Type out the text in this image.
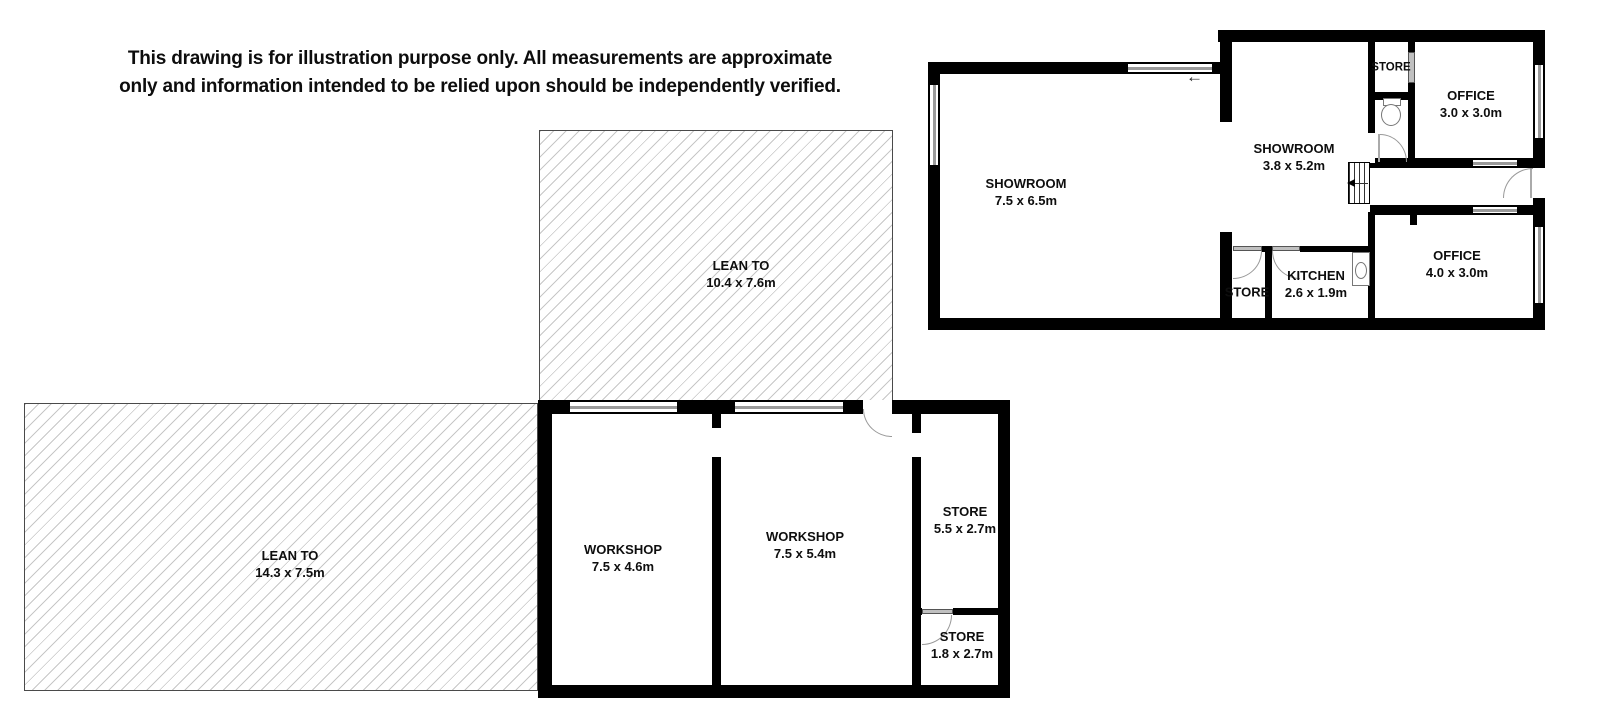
This drawing is for illustration purpose only. All measurements are approximate
only and information intended to be relied upon should be independently verified.	←
SHOWROOM
7.5 x 6.5m
SHOWROOM
3.8 x 5.2m
STORE
OFFICE
3.0 x 3.0m
KITCHEN
2.6 x 1.9m
STORE
OFFICE
4.0 x 3.0m
LEAN TO
10.4 x 7.6m
LEAN TO
14.3 x 7.5m
WORKSHOP
7.5 x 4.6m
WORKSHOP
7.5 x 5.4m
STORE
5.5 x 2.7m
STORE
1.8 x 2.7m
